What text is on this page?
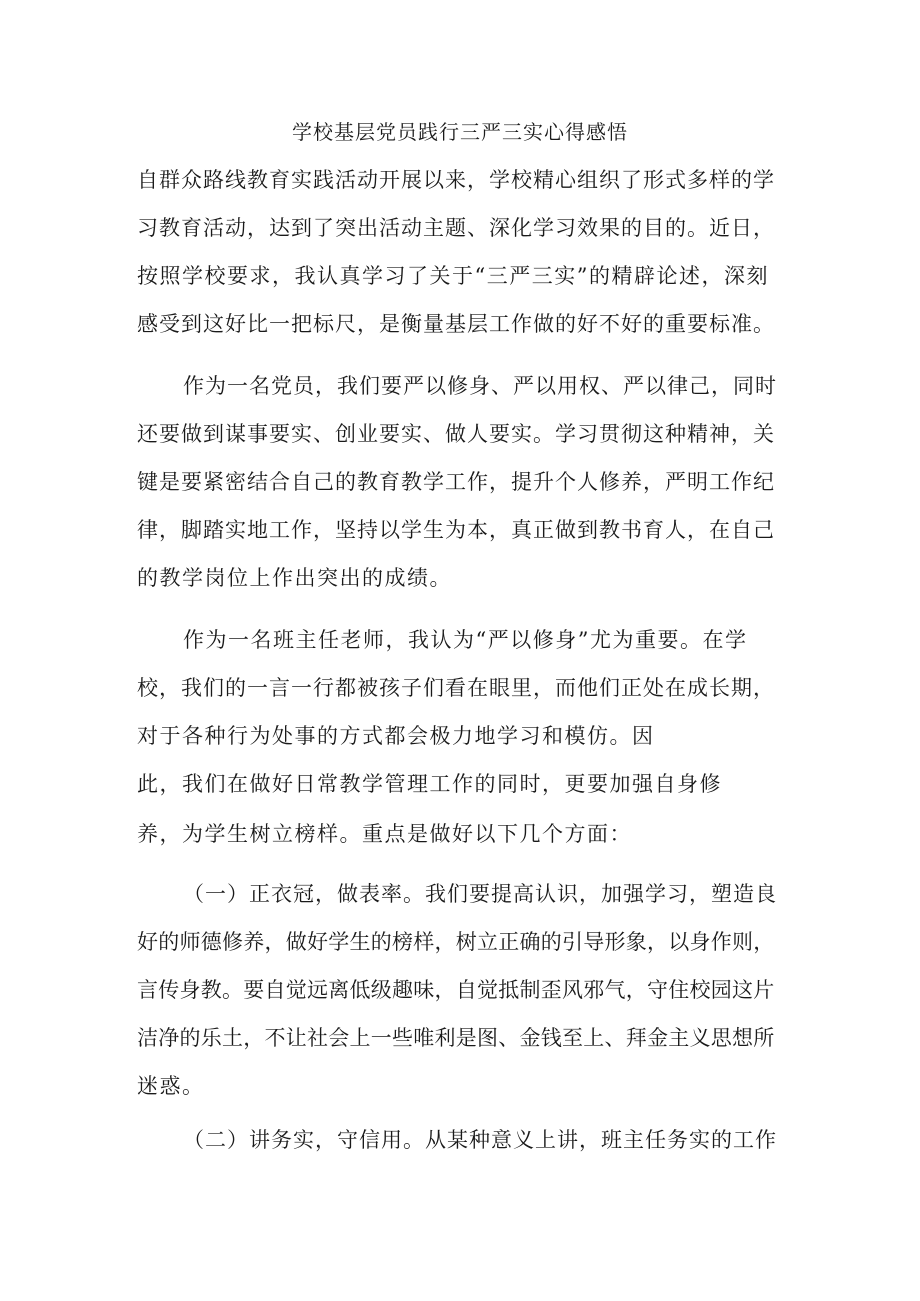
学校基层党员践行三严三实心得感悟
自群众路线教育实践活动开展以来，学校精心组织了形式多样的学
习教育活动，达到了突出活动主题、深化学习效果的目的。近日，
按照学校要求，我认真学习了关于“三严三实”的精辟论述，深刻
感受到这好比一把标尺，是衡量基层工作做的好不好的重要标准。
作为一名党员，我们要严以修身、严以用权、严以律己，同时
还要做到谋事要实、创业要实、做人要实。学习贯彻这种精神，关
键是要紧密结合自己的教育教学工作，提升个人修养，严明工作纪
律，脚踏实地工作，坚持以学生为本，真正做到教书育人，在自己
的教学岗位上作出突出的成绩。
作为一名班主任老师，我认为“严以修身”尤为重要。在学
校，我们的一言一行都被孩子们看在眼里，而他们正处在成长期，
对于各种行为处事的方式都会极力地学习和模仿。因
此，我们在做好日常教学管理工作的同时，更要加强自身修
养，为学生树立榜样。重点是做好以下几个方面：
（一）正衣冠，做表率。我们要提高认识，加强学习，塑造良
好的师德修养，做好学生的榜样，树立正确的引导形象，以身作则，
言传身教。要自觉远离低级趣味，自觉抵制歪风邪气，守住校园这片
洁净的乐土，不让社会上一些唯利是图、金钱至上、拜金主义思想所
迷惑。
（二）讲务实，守信用。从某种意义上讲，班主任务实的工作
